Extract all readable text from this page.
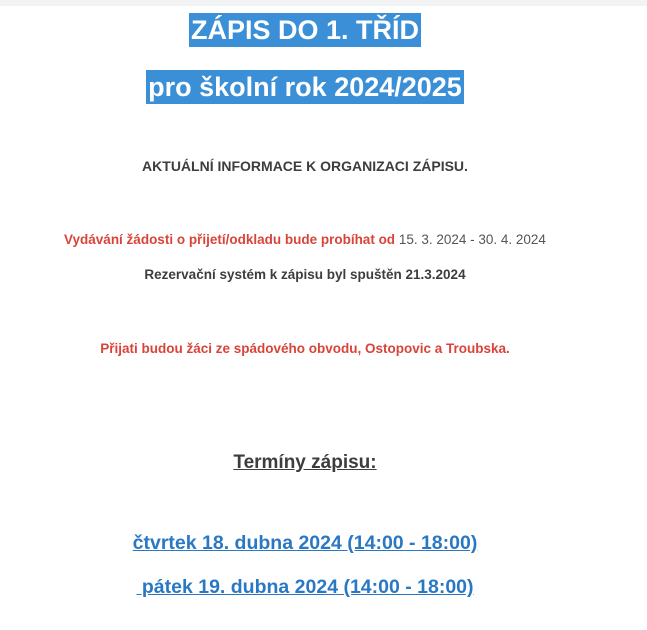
ZÁPIS DO 1. TŘÍD
pro školní rok 2024/2025
AKTUÁLNÍ INFORMACE K ORGANIZACI ZÁPISU.
Vydávání žádosti o přijetí/odkladu bude probíhat od 15. 3. 2024 - 30. 4. 2024
Rezervační systém k zápisu byl spuštěn 21.3.2024
Přijati budou žáci ze spádového obvodu, Ostopovic a Troubska.
Termíny zápisu:
čtvrtek 18. dubna 2024 (14:00 - 18:00)
pátek 19. dubna 2024 (14:00 - 18:00)
